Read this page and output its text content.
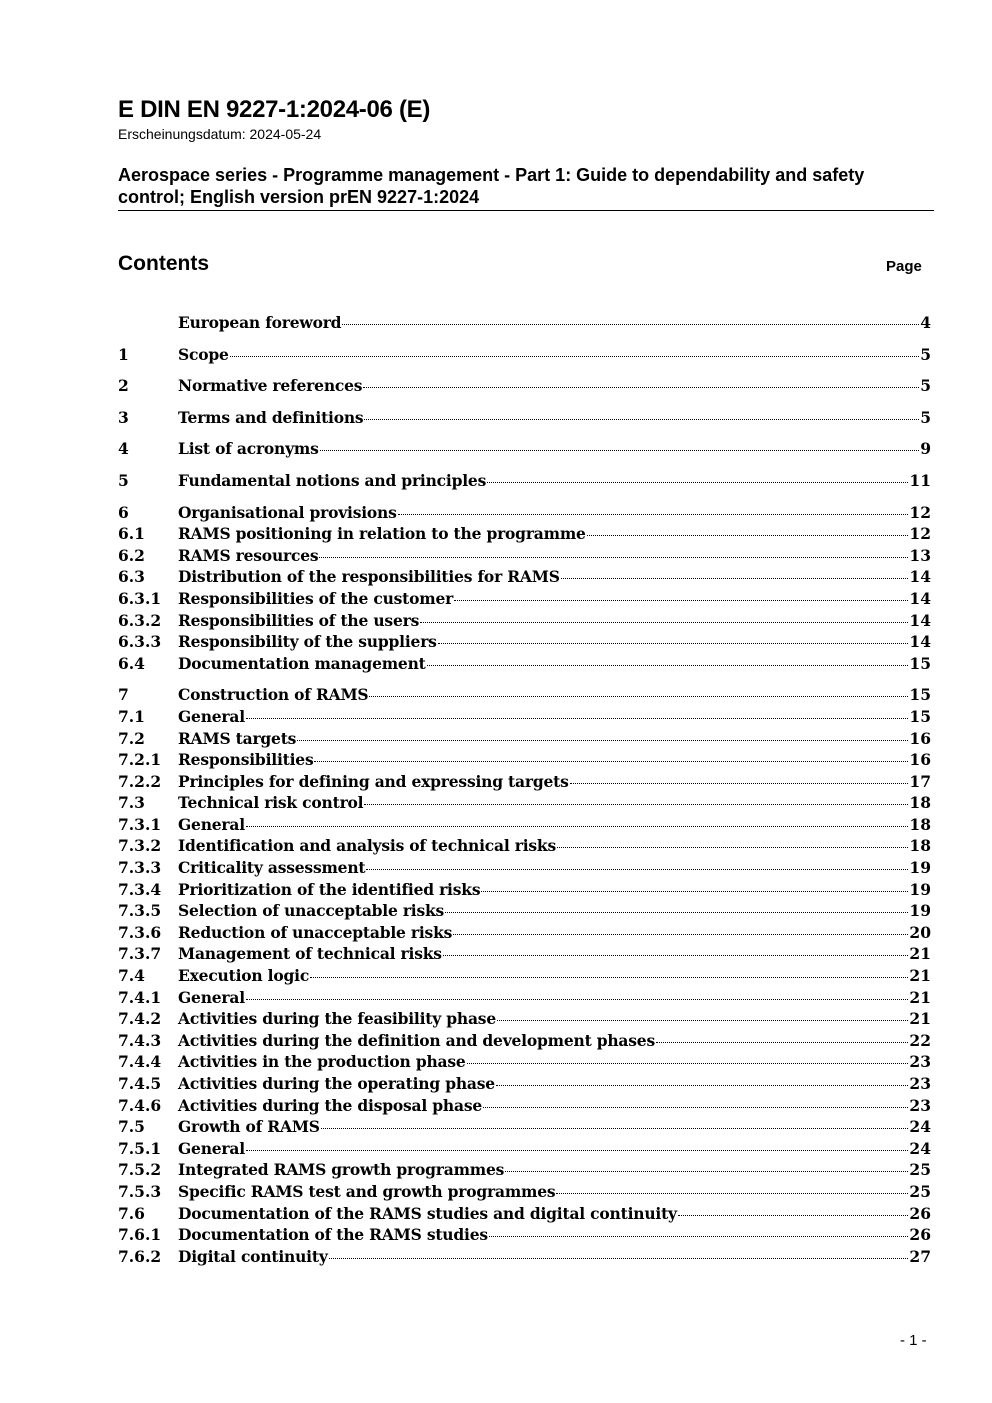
E DIN EN 9227-1:2024-06 (E)
Erscheinungsdatum: 2024-05-24
Aerospace series - Programme management - Part 1: Guide to dependability and safety control; English version prEN 9227-1:2024
Contents	Page
European foreword	4
1	Scope	5
2	Normative references	5
3	Terms and definitions	5
4	List of acronyms	9
5	Fundamental notions and principles	11
6	Organisational provisions	12
6.1	RAMS positioning in relation to the programme	12
6.2	RAMS resources	13
6.3	Distribution of the responsibilities for RAMS	14
6.3.1	Responsibilities of the customer	14
6.3.2	Responsibilities of the users	14
6.3.3	Responsibility of the suppliers	14
6.4	Documentation management	15
7	Construction of RAMS	15
7.1	General	15
7.2	RAMS targets	16
7.2.1	Responsibilities	16
7.2.2	Principles for defining and expressing targets	17
7.3	Technical risk control	18
7.3.1	General	18
7.3.2	Identification and analysis of technical risks	18
7.3.3	Criticality assessment	19
7.3.4	Prioritization of the identified risks	19
7.3.5	Selection of unacceptable risks	19
7.3.6	Reduction of unacceptable risks	20
7.3.7	Management of technical risks	21
7.4	Execution logic	21
7.4.1	General	21
7.4.2	Activities during the feasibility phase	21
7.4.3	Activities during the definition and development phases	22
7.4.4	Activities in the production phase	23
7.4.5	Activities during the operating phase	23
7.4.6	Activities during the disposal phase	23
7.5	Growth of RAMS	24
7.5.1	General	24
7.5.2	Integrated RAMS growth programmes	25
7.5.3	Specific RAMS test and growth programmes	25
7.6	Documentation of the RAMS studies and digital continuity	26
7.6.1	Documentation of the RAMS studies	26
7.6.2	Digital continuity	27
- 1 -
